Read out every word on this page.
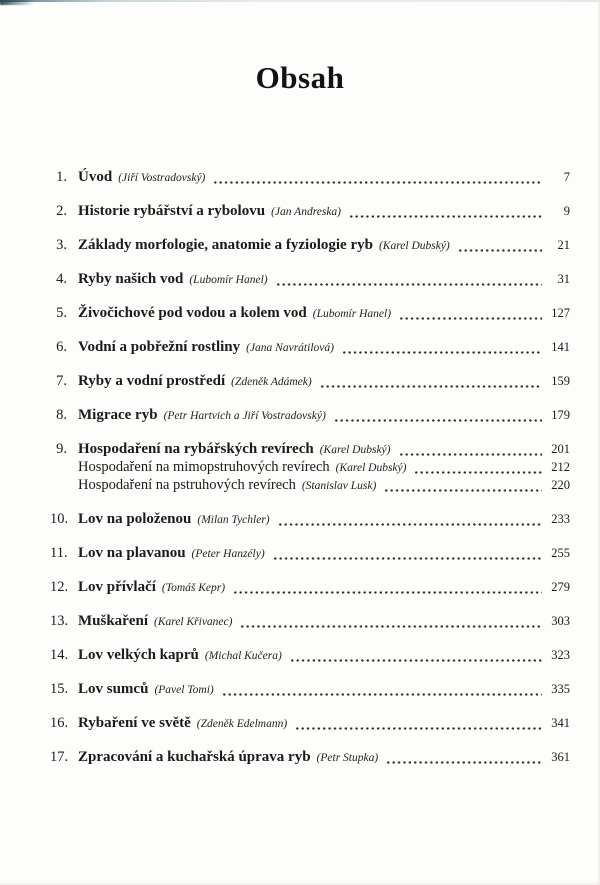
Obsah
1. Úvod (Jiří Vostradovský)	7
2. Historie rybářství a rybolovu (Jan Andreska)	9
3. Základy morfologie, anatomie a fyziologie ryb (Karel Dubský)	21
4. Ryby našich vod (Lubomír Hanel)	31
5. Živočichové pod vodou a kolem vod (Lubomír Hanel)	127
6. Vodní a pobřežní rostliny (Jana Navrátilová)	141
7. Ryby a vodní prostředí (Zdeněk Adámek)	159
8. Migrace ryb (Petr Hartvich a Jiří Vostradovský)	179
9. Hospodaření na rybářských revírech (Karel Dubský)	201
Hospodaření na mimopstruhových revírech (Karel Dubský)	212
Hospodaření na pstruhových revírech (Stanislav Lusk)	220
10. Lov na položenou (Milan Tychler)	233
11. Lov na plavanou (Peter Hanzély)	255
12. Lov přívlačí (Tomáš Kepr)	279
13. Muškaření (Karel Křivanec)	303
14. Lov velkých kaprů (Michal Kučera)	323
15. Lov sumců (Pavel Tomi)	335
16. Rybaření ve světě (Zdeněk Edelmann)	341
17. Zpracování a kuchařská úprava ryb (Petr Stupka)	361
